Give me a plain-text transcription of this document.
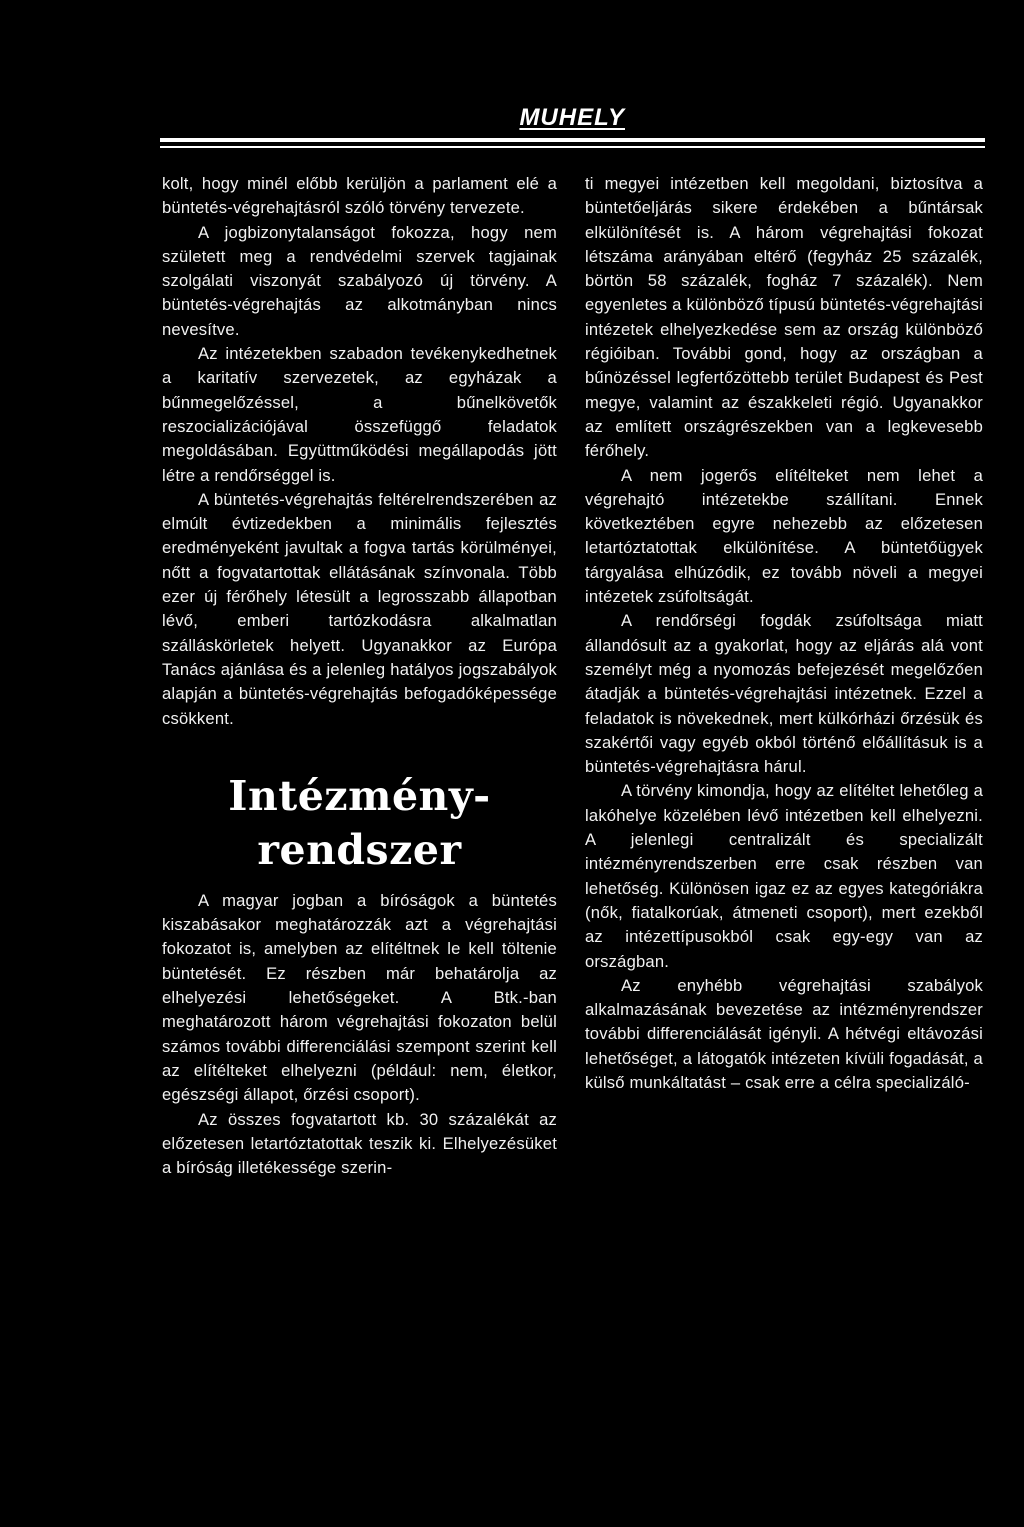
MUHELY

kolt, hogy minél előbb kerüljön a parlament elé a büntetés-végrehajtásról szóló törvény tervezete.

A jogbizonytalanságot fokozza, hogy nem született meg a rendvédelmi szervek tagjainak szolgálati viszonyát szabályozó új törvény. A büntetés-végrehajtás az alkotmányban nincs nevesítve.

Az intézetekben szabadon tevékenykedhetnek a karitatív szervezetek, az egyházak a bűnmegelőzéssel, a bűnelkövetők reszocializációjával összefüggő feladatok megoldásában. Együttműködési megállapodás jött létre a rendőrséggel is.

A büntetés-végrehajtás feltérelrendszerében az elmúlt évtizedekben a minimális fejlesztés eredményeként javultak a fogva tartás körülményei, nőtt a fogvatartottak ellátásának színvonala. Több ezer új férőhely létesült a legrosszabb állapotban lévő, emberi tartózkodásra alkalmatlan szálláskörletek helyett. Ugyanakkor az Európa Tanács ajánlása és a jelenleg hatályos jogszabályok alapján a büntetés-végrehajtás befogadóképessége csökkent.

Intézmény-
rendszer

A magyar jogban a bíróságok a büntetés kiszabásakor meghatározzák azt a végrehajtási fokozatot is, amelyben az elítéltnek le kell töltenie büntetését. Ez részben már behatárolja az elhelyezési lehetőségeket. A Btk.-ban meghatározott három végrehajtási fokozaton belül számos további differenciálási szempont szerint kell az elítélteket elhelyezni (például: nem, életkor, egészségi állapot, őrzési csoport).

Az összes fogvatartott kb. 30 százalékát az előzetesen letartóztatottak teszik ki. Elhelyezésüket a bíróság illetékessége szerin-

ti megyei intézetben kell megoldani, biztosítva a büntetőeljárás sikere érdekében a bűntársak elkülönítését is. A három végrehajtási fokozat létszáma arányában eltérő (fegyház 25 százalék, börtön 58 százalék, fogház 7 százalék). Nem egyenletes a különböző típusú büntetés-végrehajtási intézetek elhelyezkedése sem az ország különböző régióiban. További gond, hogy az országban a bűnözéssel legfertőzöttebb terület Budapest és Pest megye, valamint az északkeleti régió. Ugyanakkor az említett országrészekben van a legkevesebb férőhely.

A nem jogerős elítélteket nem lehet a végrehajtó intézetekbe szállítani. Ennek következtében egyre nehezebb az előzetesen letartóztatottak elkülönítése. A büntetőügyek tárgyalása elhúzódik, ez tovább növeli a megyei intézetek zsúfoltságát.

A rendőrségi fogdák zsúfoltsága miatt állandósult az a gyakorlat, hogy az eljárás alá vont személyt még a nyomozás befejezését megelőzően átadják a büntetés-végrehajtási intézetnek. Ezzel a feladatok is növekednek, mert külkórházi őrzésük és szakértői vagy egyéb okból történő előállításuk is a büntetés-végrehajtásra hárul.

A törvény kimondja, hogy az elítéltet lehetőleg a lakóhelye közelében lévő intézetben kell elhelyezni. A jelenlegi centralizált és specializált intézményrendszerben erre csak részben van lehetőség. Különösen igaz ez az egyes kategóriákra (nők, fiatalkorúak, átmeneti csoport), mert ezekből az intézettípusokból csak egy-egy van az országban.

Az enyhébb végrehajtási szabályok alkalmazásának bevezetése az intézményrendszer további differenciálását igényli. A hétvégi eltávozási lehetőséget, a látogatók intézeten kívüli fogadását, a külső munkáltatást – csak erre a célra specializáló-
